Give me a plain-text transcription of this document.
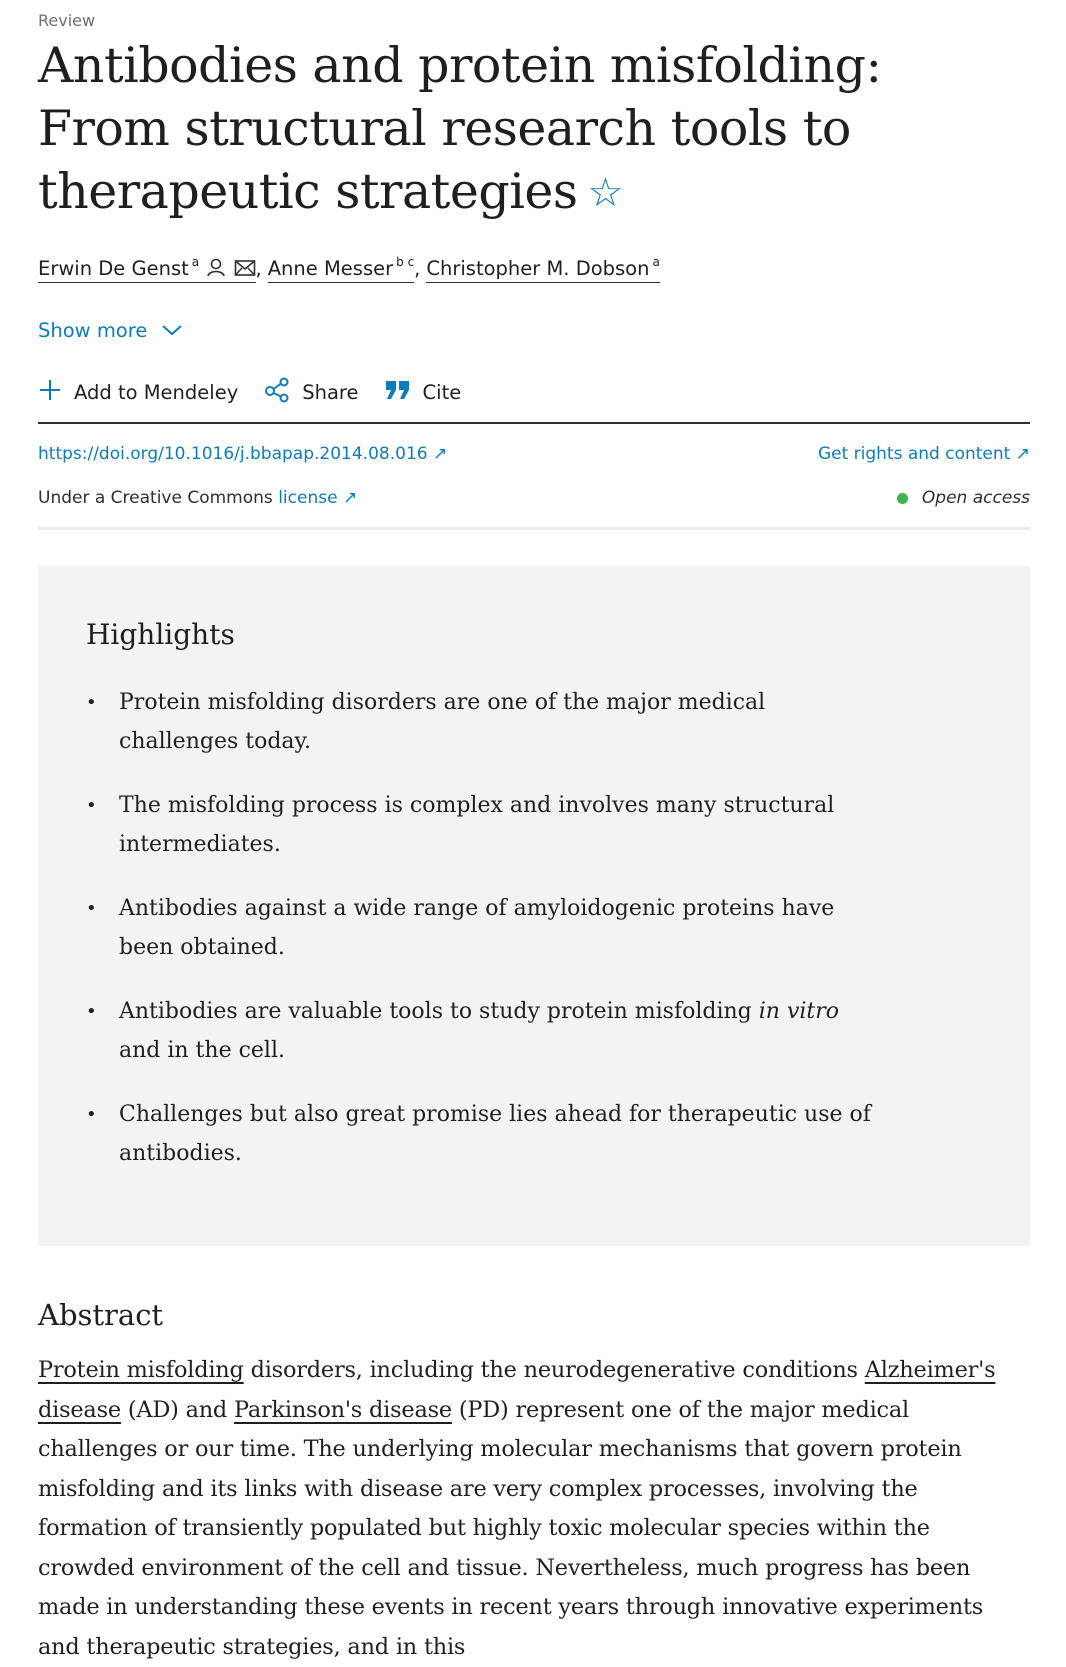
Review
Antibodies and protein misfolding: From structural research tools to therapeutic strategies ☆
Erwin De Genst $^a$	, Anne Messer $^{b c}$, Christopher M. Dobson $^a$
Show more
Add to Mendeley	Share	Cite
https://doi.org/10.1016/j.bbapap.2014.08.016 ↗	Get rights and content ↗
Under a Creative Commons license ↗	Open access
Highlights
• Protein misfolding disorders are one of the major medical challenges today.
• The misfolding process is complex and involves many structural intermediates.
• Antibodies against a wide range of amyloidogenic proteins have been obtained.
• Antibodies are valuable tools to study protein misfolding in vitro and in the cell.
• Challenges but also great promise lies ahead for therapeutic use of antibodies.
Abstract

Protein misfolding disorders, including the neurodegenerative conditions Alzheimer's disease (AD) and Parkinson's disease (PD) represent one of the major medical challenges or our time. The underlying molecular mechanisms that govern protein misfolding and its links with disease are very complex processes, involving the formation of transiently populated but highly toxic molecular species within the crowded environment of the cell and tissue. Nevertheless, much progress has been made in understanding these events in recent years through innovative experiments and therapeutic strategies, and in this
